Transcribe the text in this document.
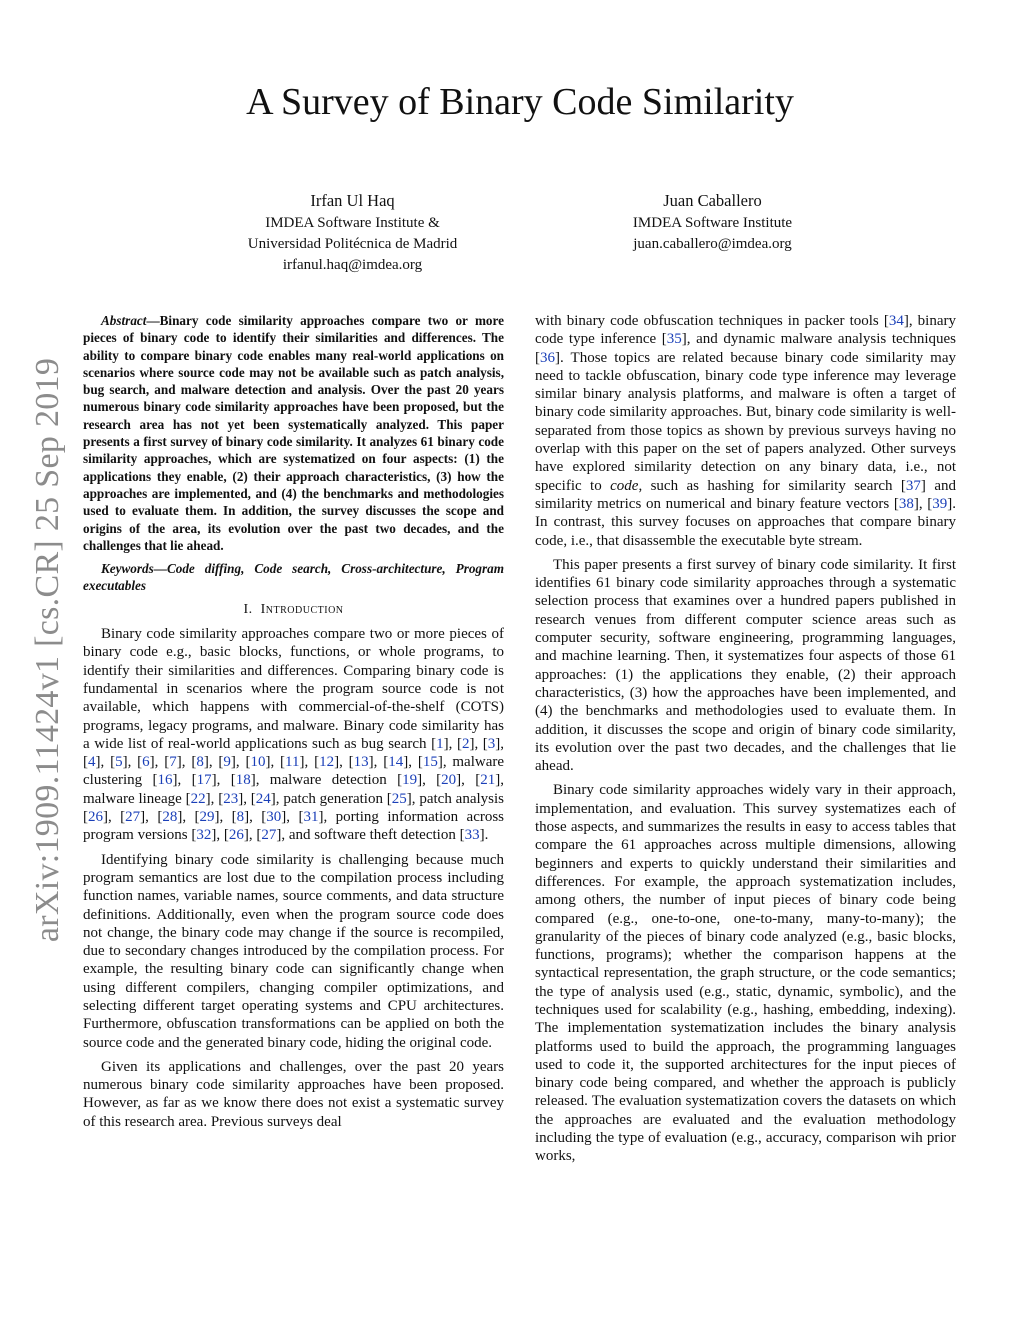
arXiv:1909.11424v1 [cs.CR] 25 Sep 2019
A Survey of Binary Code Similarity
Irfan Ul Haq
IMDEA Software Institute &
Universidad Politécnica de Madrid
irfanul.haq@imdea.org
Juan Caballero
IMDEA Software Institute
juan.caballero@imdea.org

Abstract—Binary code similarity approaches compare two or more pieces of binary code to identify their similarities and differences. The ability to compare binary code enables many real-world applications on scenarios where source code may not be available such as patch analysis, bug search, and malware detection and analysis. Over the past 20 years numerous binary code similarity approaches have been proposed, but the research area has not yet been systematically analyzed. This paper presents a first survey of binary code similarity. It analyzes 61 binary code similarity approaches, which are systematized on four aspects: (1) the applications they enable, (2) their approach characteristics, (3) how the approaches are implemented, and (4) the benchmarks and methodologies used to evaluate them. In addition, the survey discusses the scope and origins of the area, its evolution over the past two decades, and the challenges that lie ahead.

Keywords—Code diffing, Code search, Cross-architecture, Program executables

I. Introduction

Binary code similarity approaches compare two or more pieces of binary code e.g., basic blocks, functions, or whole programs, to identify their similarities and differences. Comparing binary code is fundamental in scenarios where the program source code is not available, which happens with commercial-of-the-shelf (COTS) programs, legacy programs, and malware. Binary code similarity has a wide list of real-world applications such as bug search [1], [2], [3], [4], [5], [6], [7], [8], [9], [10], [11], [12], [13], [14], [15], malware clustering [16], [17], [18], malware detection [19], [20], [21], malware lineage [22], [23], [24], patch generation [25], patch analysis [26], [27], [28], [29], [8], [30], [31], porting information across program versions [32], [26], [27], and software theft detection [33].

Identifying binary code similarity is challenging because much program semantics are lost due to the compilation process including function names, variable names, source comments, and data structure definitions. Additionally, even when the program source code does not change, the binary code may change if the source is recompiled, due to secondary changes introduced by the compilation process. For example, the resulting binary code can significantly change when using different compilers, changing compiler optimizations, and selecting different target operating systems and CPU architectures. Furthermore, obfuscation transformations can be applied on both the source code and the generated binary code, hiding the original code.

Given its applications and challenges, over the past 20 years numerous binary code similarity approaches have been proposed. However, as far as we know there does not exist a systematic survey of this research area. Previous surveys deal

with binary code obfuscation techniques in packer tools [34], binary code type inference [35], and dynamic malware analysis techniques [36]. Those topics are related because binary code similarity may need to tackle obfuscation, binary code type inference may leverage similar binary analysis platforms, and malware is often a target of binary code similarity approaches. But, binary code similarity is well-separated from those topics as shown by previous surveys having no overlap with this paper on the set of papers analyzed. Other surveys have explored similarity detection on any binary data, i.e., not specific to code, such as hashing for similarity search [37] and similarity metrics on numerical and binary feature vectors [38], [39]. In contrast, this survey focuses on approaches that compare binary code, i.e., that disassemble the executable byte stream.

This paper presents a first survey of binary code similarity. It first identifies 61 binary code similarity approaches through a systematic selection process that examines over a hundred papers published in research venues from different computer science areas such as computer security, software engineering, programming languages, and machine learning. Then, it systematizes four aspects of those 61 approaches: (1) the applications they enable, (2) their approach characteristics, (3) how the approaches have been implemented, and (4) the benchmarks and methodologies used to evaluate them. In addition, it discusses the scope and origin of binary code similarity, its evolution over the past two decades, and the challenges that lie ahead.

Binary code similarity approaches widely vary in their approach, implementation, and evaluation. This survey systematizes each of those aspects, and summarizes the results in easy to access tables that compare the 61 approaches across multiple dimensions, allowing beginners and experts to quickly understand their similarities and differences. For example, the approach systematization includes, among others, the number of input pieces of binary code being compared (e.g., one-to-one, one-to-many, many-to-many); the granularity of the pieces of binary code analyzed (e.g., basic blocks, functions, programs); whether the comparison happens at the syntactical representation, the graph structure, or the code semantics; the type of analysis used (e.g., static, dynamic, symbolic), and the techniques used for scalability (e.g., hashing, embedding, indexing). The implementation systematization includes the binary analysis platforms used to build the approach, the programming languages used to code it, the supported architectures for the input pieces of binary code being compared, and whether the approach is publicly released. The evaluation systematization covers the datasets on which the approaches are evaluated and the evaluation methodology including the type of evaluation (e.g., accuracy, comparison wih prior works,
